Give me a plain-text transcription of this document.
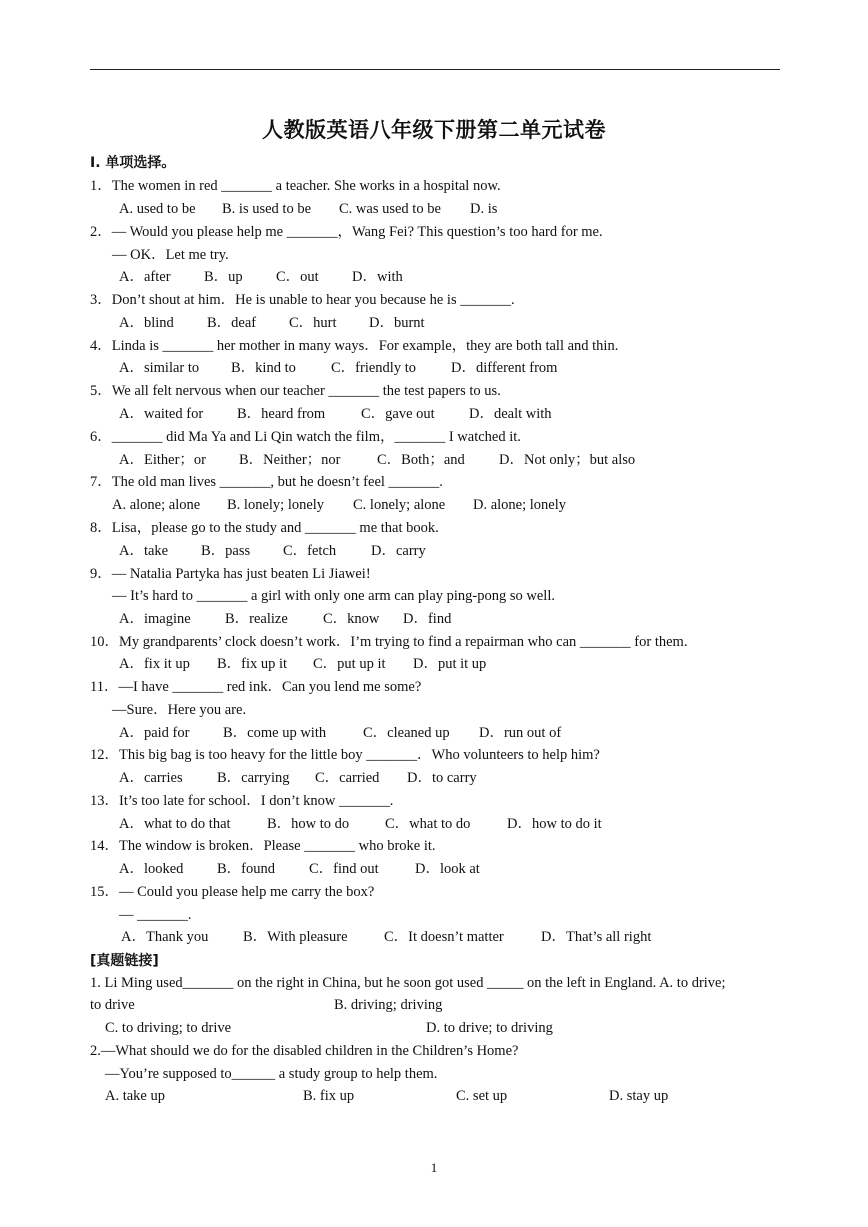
人教版英语八年级下册第二单元试卷
I. 单项选择。
1．The women in red _______ a teacher. She works in a hospital now.
A. used to be B. is used to be C. was used to be D. is
2．— Would you please help me _______，Wang Fei? This question’s too hard for me.
— OK．Let me try.
A．after B．up C．out D．with
3．Don’t shout at him．He is unable to hear you because he is _______.
A．blind B．deaf C．hurt D．burnt
4．Linda is _______ her mother in many ways．For example，they are both tall and thin.
A．similar to B．kind to C．friendly to D．different from
5．We all felt nervous when our teacher _______ the test papers to us.
A．waited for B．heard from C．gave out D．dealt with
6．_______ did Ma Ya and Li Qin watch the film，_______ I watched it.
A．Either；or B．Neither；nor	C．Both；and D．Not only；but also
7．The old man lives _______, but he doesn’t feel _______.
A. alone; alone B. lonely; lonely C. lonely; alone D. alone; lonely
8．Lisa，please go to the study and _______ me that book.
A．take B．pass C．fetch D．carry
9．— Natalia Partyka has just beaten Li Jiawei!
— It’s hard to _______ a girl with only one arm can play ping-pong so well.
A．imagine B．realize C．know D．find
10．My grandparents’ clock doesn’t work．I’m trying to find a repairman who can _______ for them.
A．fix it up B．fix up it C．put up it D．put it up
11．—I have _______ red ink．Can you lend me some?
—Sure．Here you are.
A．paid for B．come up with	C．cleaned up D．run out of
12．This big bag is too heavy for the little boy _______．Who volunteers to help him?
A．carries B．carrying C．carried D．to carry
13．It’s too late for school．I don’t know _______.
A．what to do that	B．how to do C．what to do	D．how to do it
14．The window is broken．Please _______ who broke it.
A．looked B．found C．find out	D．look at
15．— Could you please help me carry the box?
— _______.
A．Thank you B．With pleasure	C．It doesn’t matter	D．That’s all right
[真题链接]
1. Li Ming used_______ on the right in China, but he soon got used _____ on the left in England. A. to drive;
to drive	B. driving; driving
C. to driving; to drive	D. to drive; to driving
2.—What should we do for the disabled children in the Children’s Home?
—You’re supposed to______ a study group to help them.
A. take up	B. fix up	C. set up	D. stay up
1
